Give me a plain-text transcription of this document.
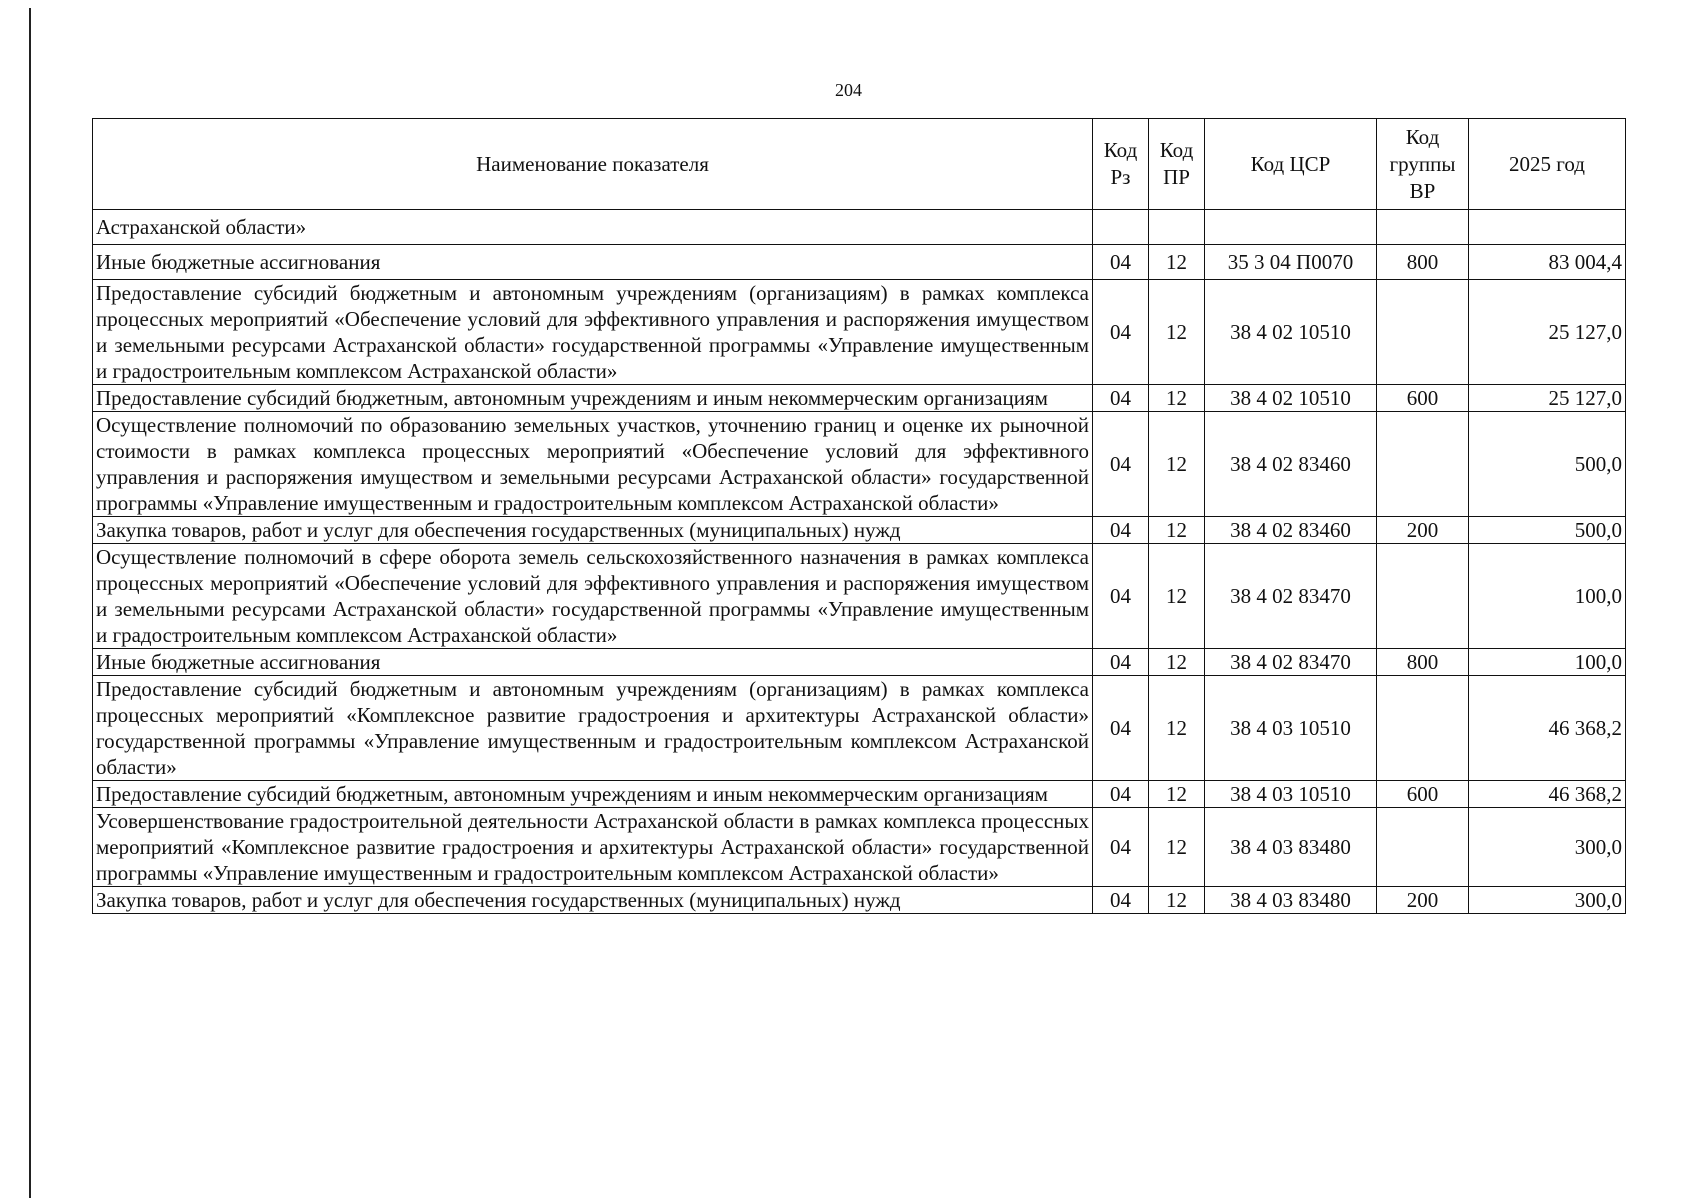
204
Наименование показателя	Код Рз	Код ПР	Код ЦСР	Код группы ВР	2025 год
Астраханской области»					
Иные бюджетные ассигнования	04	12	35 3 04 П0070	800	83 004,4
Предоставление субсидий бюджетным и автономным учреждениям (организациям) в рамках комплекса процессных мероприятий «Обеспечение условий для эффективного управления и распоряжения имуществом и земельными ресурсами Астраханской области» государственной программы «Управление имущественным и градостроительным комплексом Астраханской области»	04	12	38 4 02 10510		25 127,0
Предоставление субсидий бюджетным, автономным учреждениям и иным некоммерческим организациям	04	12	38 4 02 10510	600	25 127,0
Осуществление полномочий по образованию земельных участков, уточнению границ и оценке их рыночной стоимости в рамках комплекса процессных мероприятий «Обеспечение условий для эффективного управления и распоряжения имуществом и земельными ресурсами Астраханской области» государственной программы «Управление имущественным и градостроительным комплексом Астраханской области»	04	12	38 4 02 83460		500,0
Закупка товаров, работ и услуг для обеспечения государственных (муниципальных) нужд	04	12	38 4 02 83460	200	500,0
Осуществление полномочий в сфере оборота земель сельскохозяйственного назначения в рамках комплекса процессных мероприятий «Обеспечение условий для эффективного управления и распоряжения имуществом и земельными ресурсами Астраханской области» государственной программы «Управление имущественным и градостроительным комплексом Астраханской области»	04	12	38 4 02 83470		100,0
Иные бюджетные ассигнования	04	12	38 4 02 83470	800	100,0
Предоставление субсидий бюджетным и автономным учреждениям (организациям) в рамках комплекса процессных мероприятий «Комплексное развитие градостроения и архитектуры Астраханской области» государственной программы «Управление имущественным и градостроительным комплексом Астраханской области»	04	12	38 4 03 10510		46 368,2
Предоставление субсидий бюджетным, автономным учреждениям и иным некоммерческим организациям	04	12	38 4 03 10510	600	46 368,2
Усовершенствование градостроительной деятельности Астраханской области в рамках комплекса процессных мероприятий «Комплексное развитие градостроения и архитектуры Астраханской области» государственной программы «Управление имущественным и градостроительным комплексом Астраханской области»	04	12	38 4 03 83480		300,0
Закупка товаров, работ и услуг для обеспечения государственных (муниципальных) нужд	04	12	38 4 03 83480	200	300,0
